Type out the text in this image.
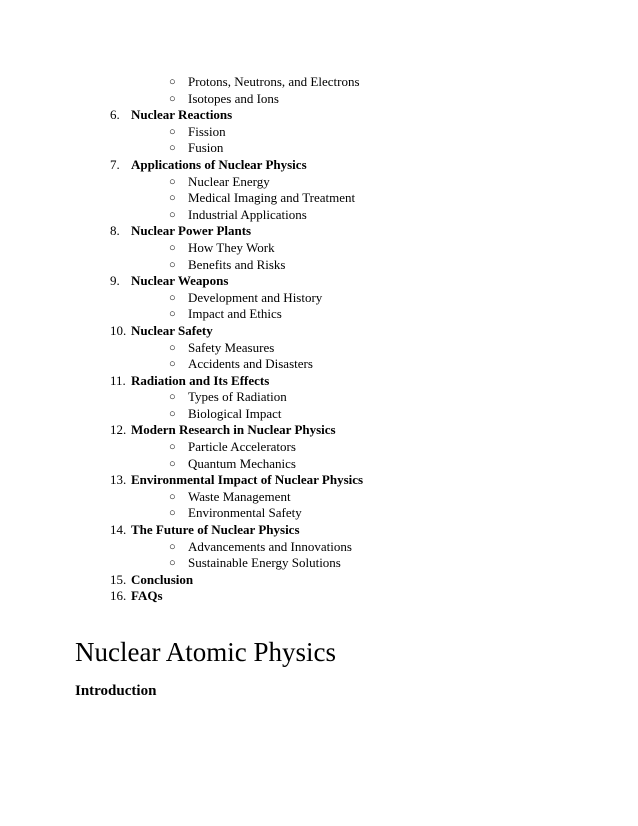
○ Protons, Neutrons, and Electrons
○ Isotopes and Ions
6. Nuclear Reactions
○ Fission
○ Fusion
7. Applications of Nuclear Physics
○ Nuclear Energy
○ Medical Imaging and Treatment
○ Industrial Applications
8. Nuclear Power Plants
○ How They Work
○ Benefits and Risks
9. Nuclear Weapons
○ Development and History
○ Impact and Ethics
10. Nuclear Safety
○ Safety Measures
○ Accidents and Disasters
11. Radiation and Its Effects
○ Types of Radiation
○ Biological Impact
12. Modern Research in Nuclear Physics
○ Particle Accelerators
○ Quantum Mechanics
13. Environmental Impact of Nuclear Physics
○ Waste Management
○ Environmental Safety
14. The Future of Nuclear Physics
○ Advancements and Innovations
○ Sustainable Energy Solutions
15. Conclusion
16. FAQs
Nuclear Atomic Physics
Introduction
